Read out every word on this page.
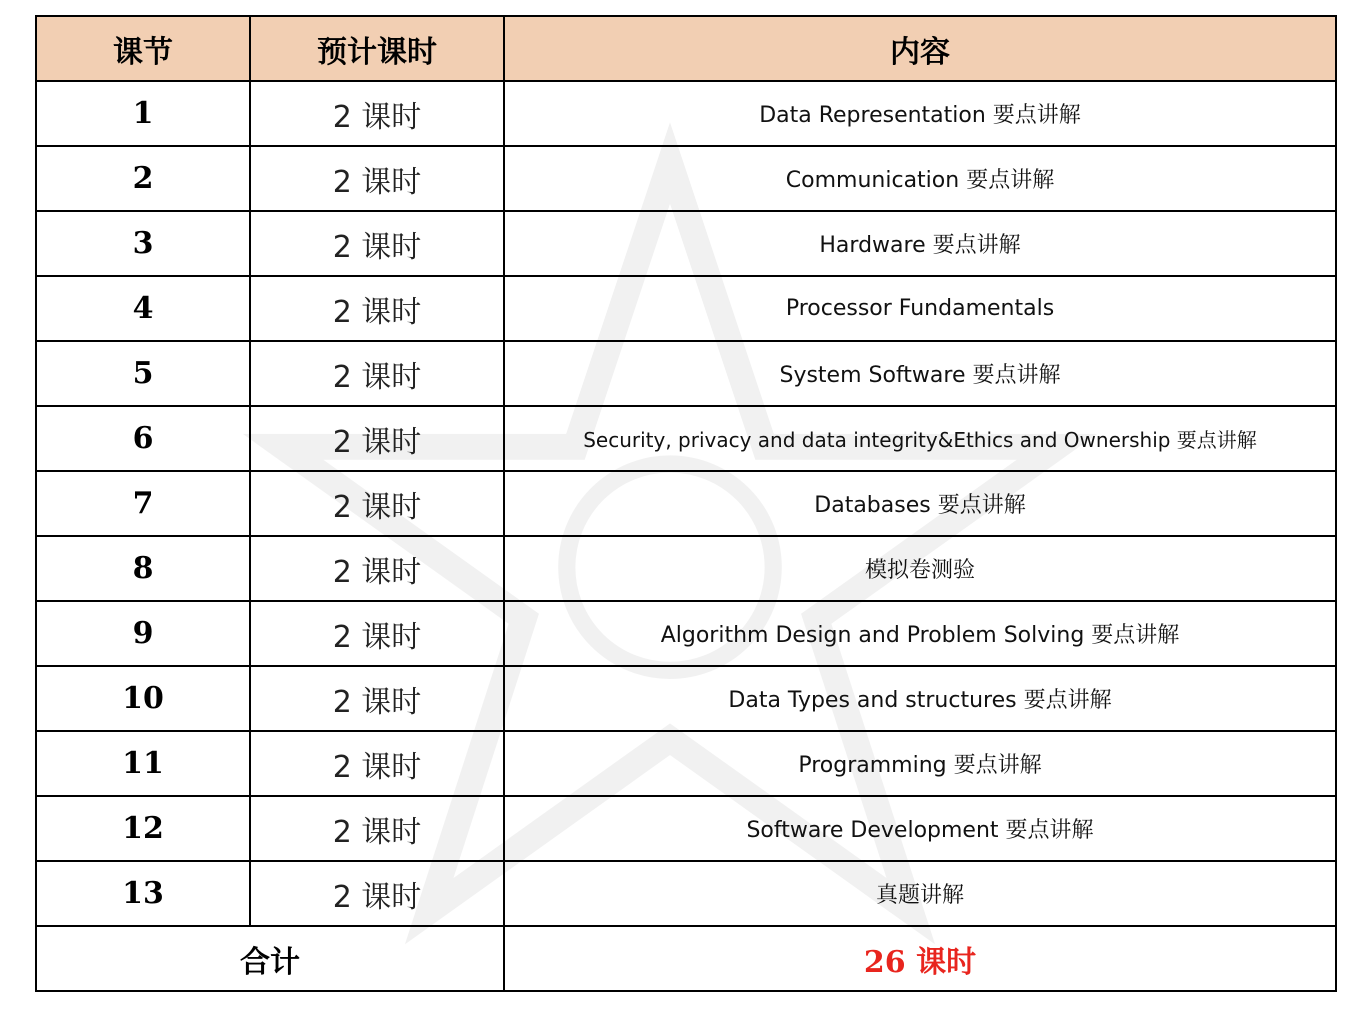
课节	预计课时	内容
1	2 课时	Data Representation 要点讲解
2	2 课时	Communication 要点讲解
3	2 课时	Hardware 要点讲解
4	2 课时	Processor Fundamentals
5	2 课时	System Software 要点讲解
6	2 课时	Security, privacy and data integrity&Ethics and Ownership 要点讲解
7	2 课时	Databases 要点讲解
8	2 课时	模拟卷测验
9	2 课时	Algorithm Design and Problem Solving 要点讲解
10	2 课时	Data Types and structures 要点讲解
11	2 课时	Programming 要点讲解
12	2 课时	Software Development 要点讲解
13	2 课时	真题讲解
合计		26 课时
